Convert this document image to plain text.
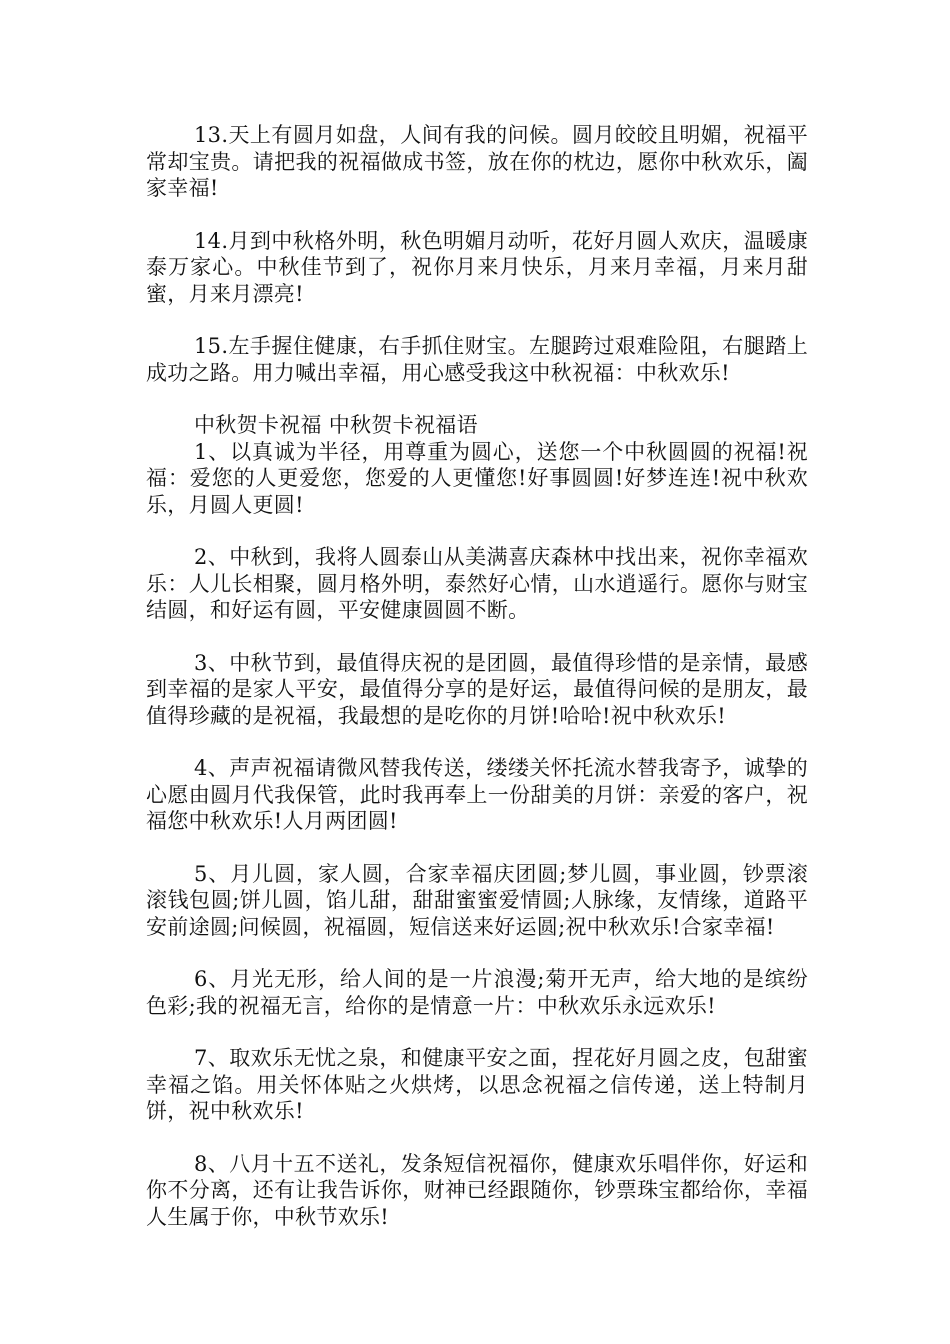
13.天上有圆月如盘，人间有我的问候。圆月皎皎且明媚，祝福平常却宝贵。请把我的祝福做成书签，放在你的枕边，愿你中秋欢乐，阖家幸福!

14.月到中秋格外明，秋色明媚月动听，花好月圆人欢庆，温暖康泰万家心。中秋佳节到了，祝你月来月快乐，月来月幸福，月来月甜蜜，月来月漂亮!

15.左手握住健康，右手抓住财宝。左腿跨过艰难险阻，右腿踏上成功之路。用力喊出幸福，用心感受我这中秋祝福：中秋欢乐!

中秋贺卡祝福 中秋贺卡祝福语

1、以真诚为半径，用尊重为圆心，送您一个中秋圆圆的祝福!祝福：爱您的人更爱您，您爱的人更懂您!好事圆圆!好梦连连!祝中秋欢乐，月圆人更圆!

2、中秋到，我将人圆泰山从美满喜庆森林中找出来，祝你幸福欢乐：人儿长相聚，圆月格外明，泰然好心情，山水逍遥行。愿你与财宝结圆，和好运有圆，平安健康圆圆不断。

3、中秋节到，最值得庆祝的是团圆，最值得珍惜的是亲情，最感到幸福的是家人平安，最值得分享的是好运，最值得问候的是朋友，最值得珍藏的是祝福，我最想的是吃你的月饼!哈哈!祝中秋欢乐!

4、声声祝福请微风替我传送，缕缕关怀托流水替我寄予，诚挚的心愿由圆月代我保管，此时我再奉上一份甜美的月饼：亲爱的客户，祝福您中秋欢乐!人月两团圆!

5、月儿圆，家人圆，合家幸福庆团圆;梦儿圆，事业圆，钞票滚滚钱包圆;饼儿圆，馅儿甜，甜甜蜜蜜爱情圆;人脉缘，友情缘，道路平安前途圆;问候圆，祝福圆，短信送来好运圆;祝中秋欢乐!合家幸福!

6、月光无形，给人间的是一片浪漫;菊开无声，给大地的是缤纷色彩;我的祝福无言，给你的是情意一片：中秋欢乐永远欢乐!

7、取欢乐无忧之泉，和健康平安之面，捏花好月圆之皮，包甜蜜幸福之馅。用关怀体贴之火烘烤，以思念祝福之信传递，送上特制月饼，祝中秋欢乐!

8、八月十五不送礼，发条短信祝福你，健康欢乐唱伴你，好运和你不分离，还有让我告诉你，财神已经跟随你，钞票珠宝都给你，幸福人生属于你，中秋节欢乐!
